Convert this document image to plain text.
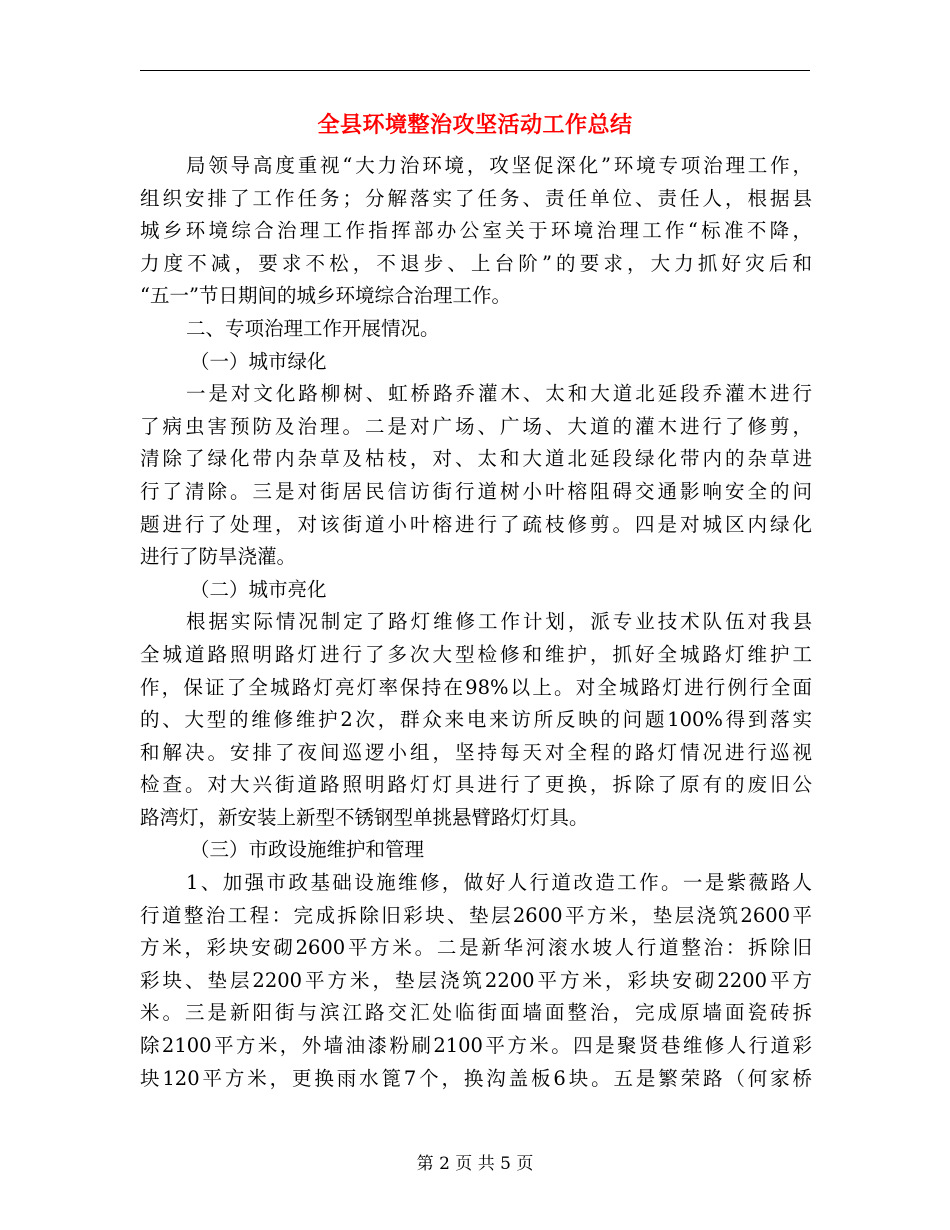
全县环境整治攻坚活动工作总结
局领导高度重视“大力治环境，攻坚促深化”环境专项治理工作，
组织安排了工作任务；分解落实了任务、责任单位、责任人，根据县
城乡环境综合治理工作指挥部办公室关于环境治理工作“标准不降，
力度不减，要求不松，不退步、上台阶”的要求，大力抓好灾后和
“五一”节日期间的城乡环境综合治理工作。
二、专项治理工作开展情况。
（一）城市绿化
一是对文化路柳树、虹桥路乔灌木、太和大道北延段乔灌木进行
了病虫害预防及治理。二是对广场、广场、大道的灌木进行了修剪，
清除了绿化带内杂草及枯枝，对、太和大道北延段绿化带内的杂草进
行了清除。三是对街居民信访街行道树小叶榕阻碍交通影响安全的问
题进行了处理，对该街道小叶榕进行了疏枝修剪。四是对城区内绿化
进行了防旱浇灌。
（二）城市亮化
根据实际情况制定了路灯维修工作计划，派专业技术队伍对我县
全城道路照明路灯进行了多次大型检修和维护，抓好全城路灯维护工
作，保证了全城路灯亮灯率保持在98%以上。对全城路灯进行例行全面
的、大型的维修维护2次，群众来电来访所反映的问题100%得到落实
和解决。安排了夜间巡逻小组，坚持每天对全程的路灯情况进行巡视
检查。对大兴街道路照明路灯灯具进行了更换，拆除了原有的废旧公
路湾灯，新安装上新型不锈钢型单挑悬臂路灯灯具。
（三）市政设施维护和管理
1、加强市政基础设施维修，做好人行道改造工作。一是紫薇路人
行道整治工程：完成拆除旧彩块、垫层2600平方米，垫层浇筑2600平
方米，彩块安砌2600平方米。二是新华河滚水坡人行道整治：拆除旧
彩块、垫层2200平方米，垫层浇筑2200平方米，彩块安砌2200平方
米。三是新阳街与滨江路交汇处临街面墙面整治，完成原墙面瓷砖拆
除2100平方米，外墙油漆粉刷2100平方米。四是聚贤巷维修人行道彩
块120平方米，更换雨水篦7个，换沟盖板6块。五是繁荣路（何家桥
第 2 页 共 5 页
